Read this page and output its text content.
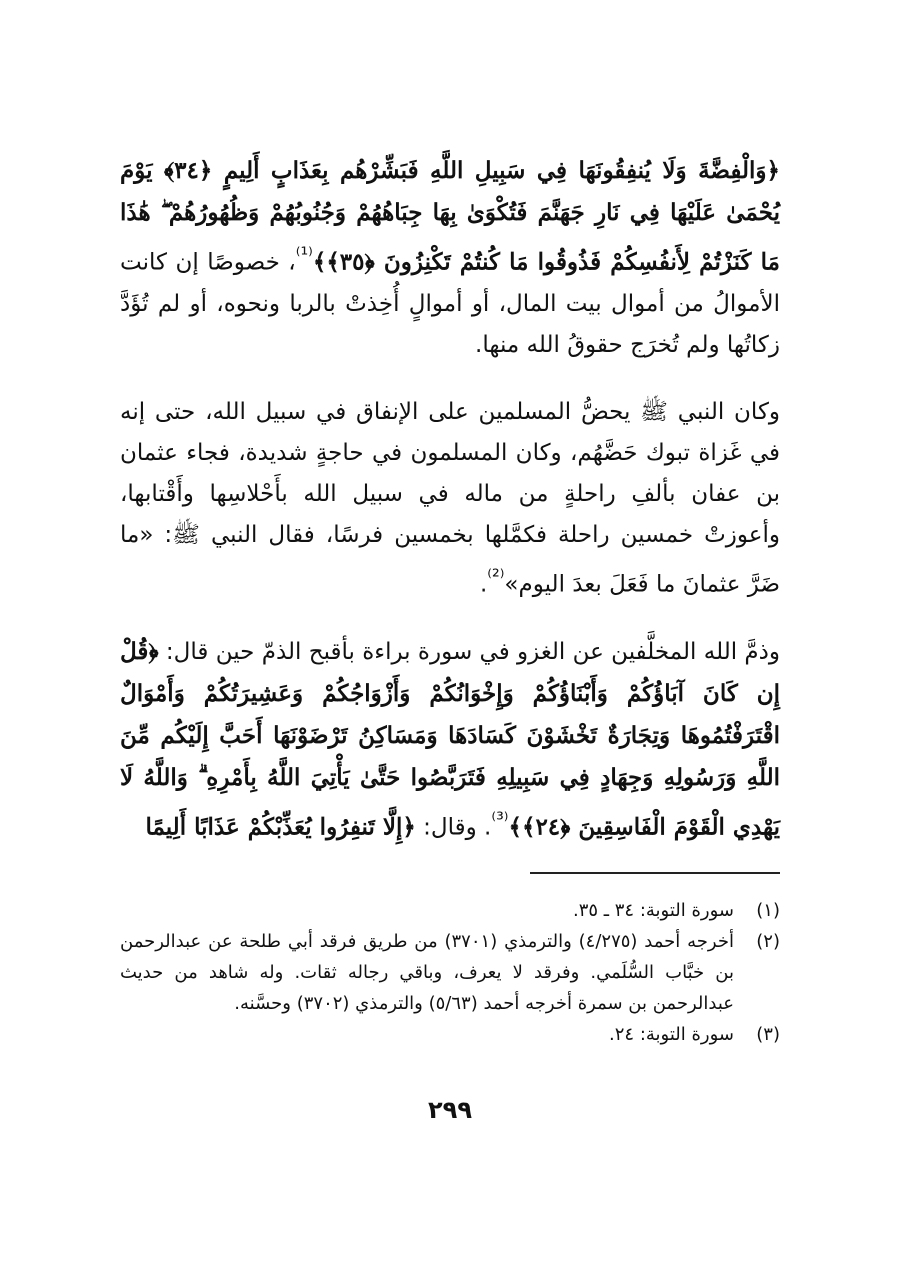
﴿وَالْفِضَّةَ وَلَا يُنفِقُونَهَا فِي سَبِيلِ اللَّهِ فَبَشِّرْهُم بِعَذَابٍ أَلِيمٍ ﴿٣٤﴾ يَوْمَ يُحْمَىٰ عَلَيْهَا فِي نَارِ جَهَنَّمَ فَتُكْوَىٰ بِهَا جِبَاهُهُمْ وَجُنُوبُهُمْ وَظُهُورُهُمْ ۖ هَٰذَا مَا كَنَزْتُمْ لِأَنفُسِكُمْ فَذُوقُوا مَا كُنتُمْ تَكْنِزُونَ ﴿٣٥﴾﴾$^{^{(1)}}$، خصوصًا إن كانت الأموالُ من أموال بيت المال، أو أموالٍ أُخِذتْ بالربا ونحوه، أو لم تُؤَدَّ زكاتُها ولم تُخرَج حقوقُ الله منها.

وكان النبي ﷺ يحضُّ المسلمين على الإنفاق في سبيل الله، حتى إنه في غَزاة تبوك حَضَّهُم، وكان المسلمون في حاجةٍ شديدة، فجاء عثمان بن عفان بألفِ راحلةٍ من ماله في سبيل الله بأَحْلاسِها وأَقْتابها، وأعوزتْ خمسين راحلة فكمَّلها بخمسين فرسًا، فقال النبي ﷺ: «ما ضَرَّ عثمانَ ما فَعَلَ بعدَ اليوم»$^{^{(2)}}$.

وذمَّ الله المخلَّفين عن الغزو في سورة براءة بأقبح الذمّ حين قال: ﴿قُلْ إِن كَانَ آبَاؤُكُمْ وَأَبْنَاؤُكُمْ وَإِخْوَانُكُمْ وَأَزْوَاجُكُمْ وَعَشِيرَتُكُمْ وَأَمْوَالٌ اقْتَرَفْتُمُوهَا وَتِجَارَةٌ تَخْشَوْنَ كَسَادَهَا وَمَسَاكِنُ تَرْضَوْنَهَا أَحَبَّ إِلَيْكُم مِّنَ اللَّهِ وَرَسُولِهِ وَجِهَادٍ فِي سَبِيلِهِ فَتَرَبَّصُوا حَتَّىٰ يَأْتِيَ اللَّهُ بِأَمْرِهِ ۗ وَاللَّهُ لَا يَهْدِي الْقَوْمَ الْفَاسِقِينَ ﴿٢٤﴾﴾$^{^{(3)}}$. وقال: ﴿إِلَّا تَنفِرُوا يُعَذِّبْكُمْ عَذَابًا أَلِيمًا

(١)
سورة التوبة: ٣٤ ـ ٣٥.
(٢)
أخرجه أحمد (٤/٢٧٥) والترمذي (٣٧٠١) من طريق فرقد أبي طلحة عن عبدالرحمن بن خبَّاب السُّلَمي. وفرقد لا يعرف، وباقي رجاله ثقات. وله شاهد من حديث عبدالرحمن بن سمرة أخرجه أحمد (٥/٦٣) والترمذي (٣٧٠٢) وحسَّنه.
(٣)
سورة التوبة: ٢٤.
٢٩٩
